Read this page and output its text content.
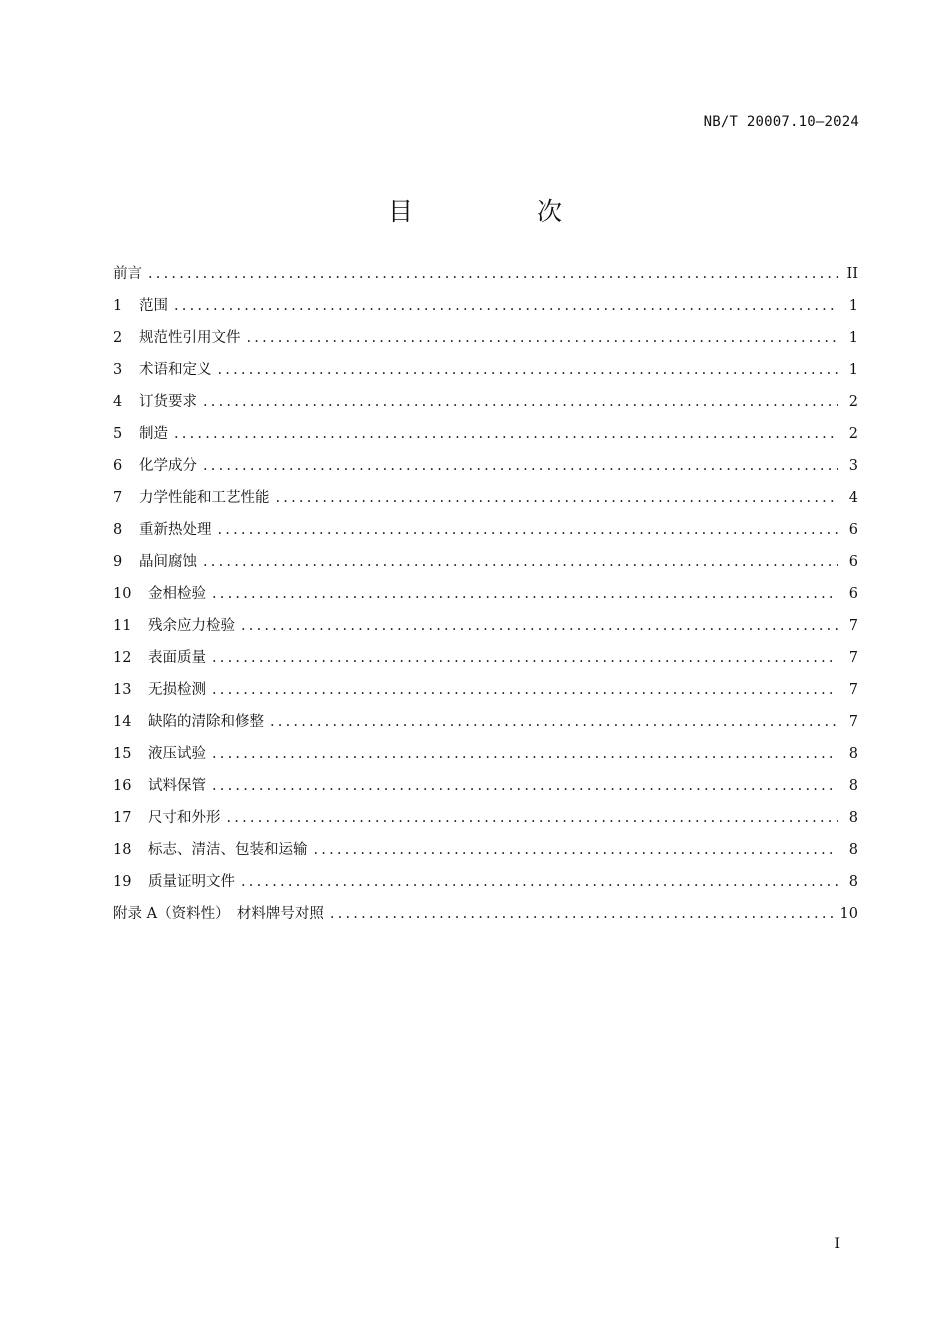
NB/T 20007.10—2024
目 次
前言 .....	II
1	范围 .....	1
2	规范性引用文件 .....	1
3	术语和定义 .....	1
4	订货要求 .....	2
5	制造 .....	2
6	化学成分 .....	3
7	力学性能和工艺性能 .....	4
8	重新热处理 .....	6
9	晶间腐蚀 .....	6
10	金相检验 .....	6
11	残余应力检验 .....	7
12	表面质量 .....	7
13	无损检测 .....	7
14	缺陷的清除和修整 .....	7
15	液压试验 .....	8
16	试料保管 .....	8
17	尺寸和外形 .....	8
18	标志、清洁、包装和运输 .....	8
19	质量证明文件 .....	8
附录 A（资料性）　材料牌号对照 .....	10
I
